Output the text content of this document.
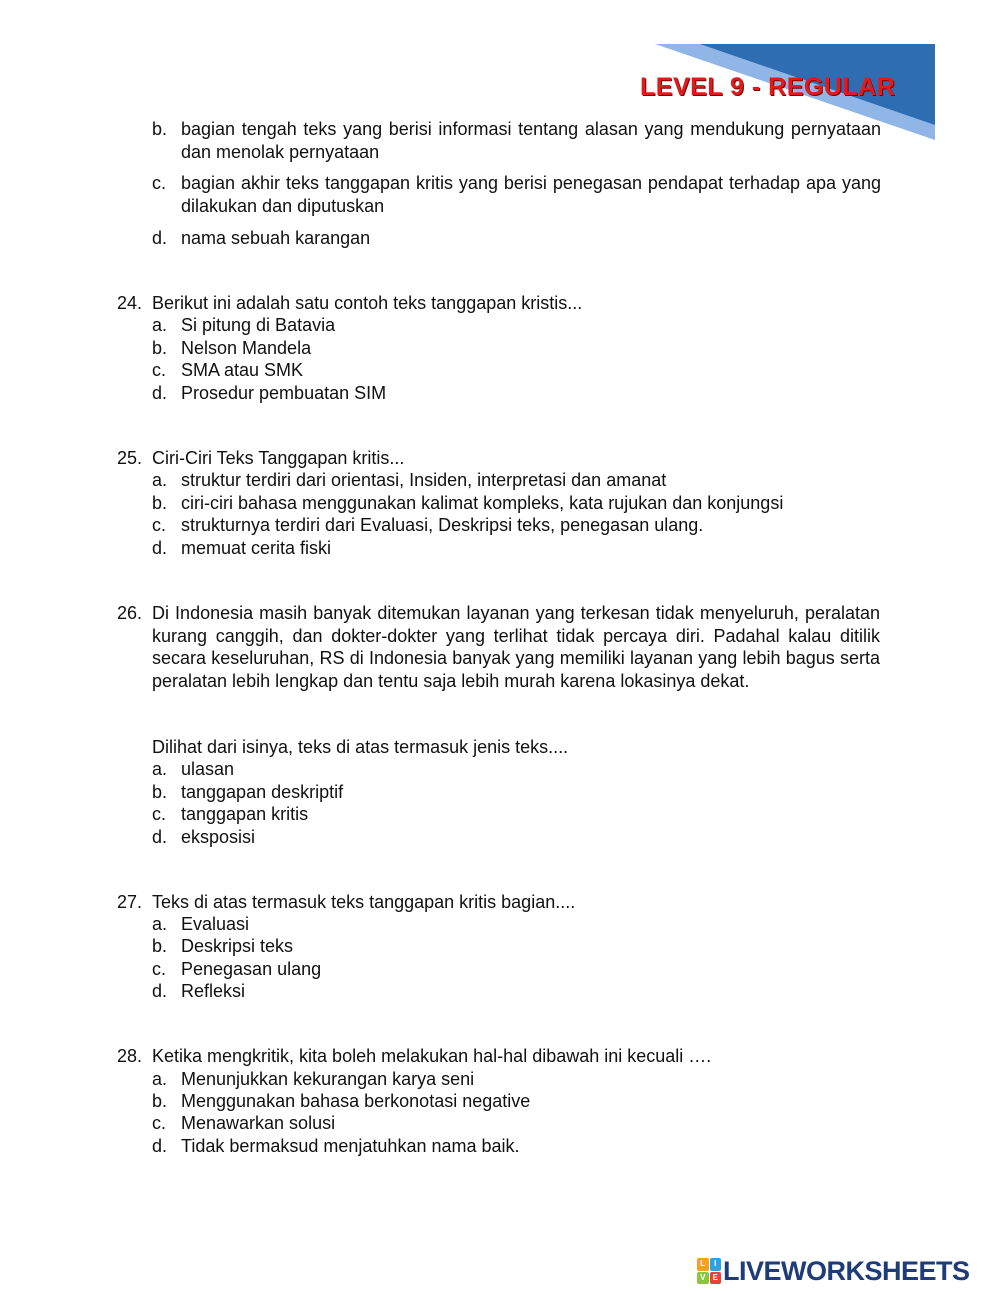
LEVEL 9 - REGULAR
b. bagian tengah teks yang berisi informasi tentang alasan yang mendukung pernyataan dan menolak pernyataan
c. bagian akhir teks tanggapan kritis yang berisi penegasan pendapat terhadap apa yang dilakukan dan diputuskan
d. nama sebuah karangan
24. Berikut ini adalah satu contoh teks tanggapan kristis...
a. Si pitung di Batavia
b. Nelson Mandela
c. SMA atau SMK
d. Prosedur pembuatan SIM
25. Ciri-Ciri Teks Tanggapan kritis...
a. struktur terdiri dari orientasi, Insiden, interpretasi dan amanat
b. ciri-ciri bahasa menggunakan kalimat kompleks, kata rujukan dan konjungsi
c. strukturnya terdiri dari Evaluasi, Deskripsi teks, penegasan ulang.
d. memuat cerita fiski
26. Di Indonesia masih banyak ditemukan layanan yang terkesan tidak menyeluruh, peralatan kurang canggih, dan dokter-dokter yang terlihat tidak percaya diri. Padahal kalau ditilik secara keseluruhan, RS di Indonesia banyak yang memiliki layanan yang lebih bagus serta peralatan lebih lengkap dan tentu saja lebih murah karena lokasinya dekat.
Dilihat dari isinya, teks di atas termasuk jenis teks....
a. ulasan
b. tanggapan deskriptif
c. tanggapan kritis
d. eksposisi
27. Teks di atas termasuk teks tanggapan kritis bagian....
a. Evaluasi
b. Deskripsi teks
c. Penegasan ulang
d. Refleksi
28. Ketika mengkritik, kita boleh melakukan hal-hal dibawah ini kecuali ….
a. Menunjukkan kekurangan karya seni
b. Menggunakan bahasa berkonotasi negative
c. Menawarkan solusi
d. Tidak bermaksud menjatuhkan nama baik.
L	I
V E LIVEWORKSHEETS
